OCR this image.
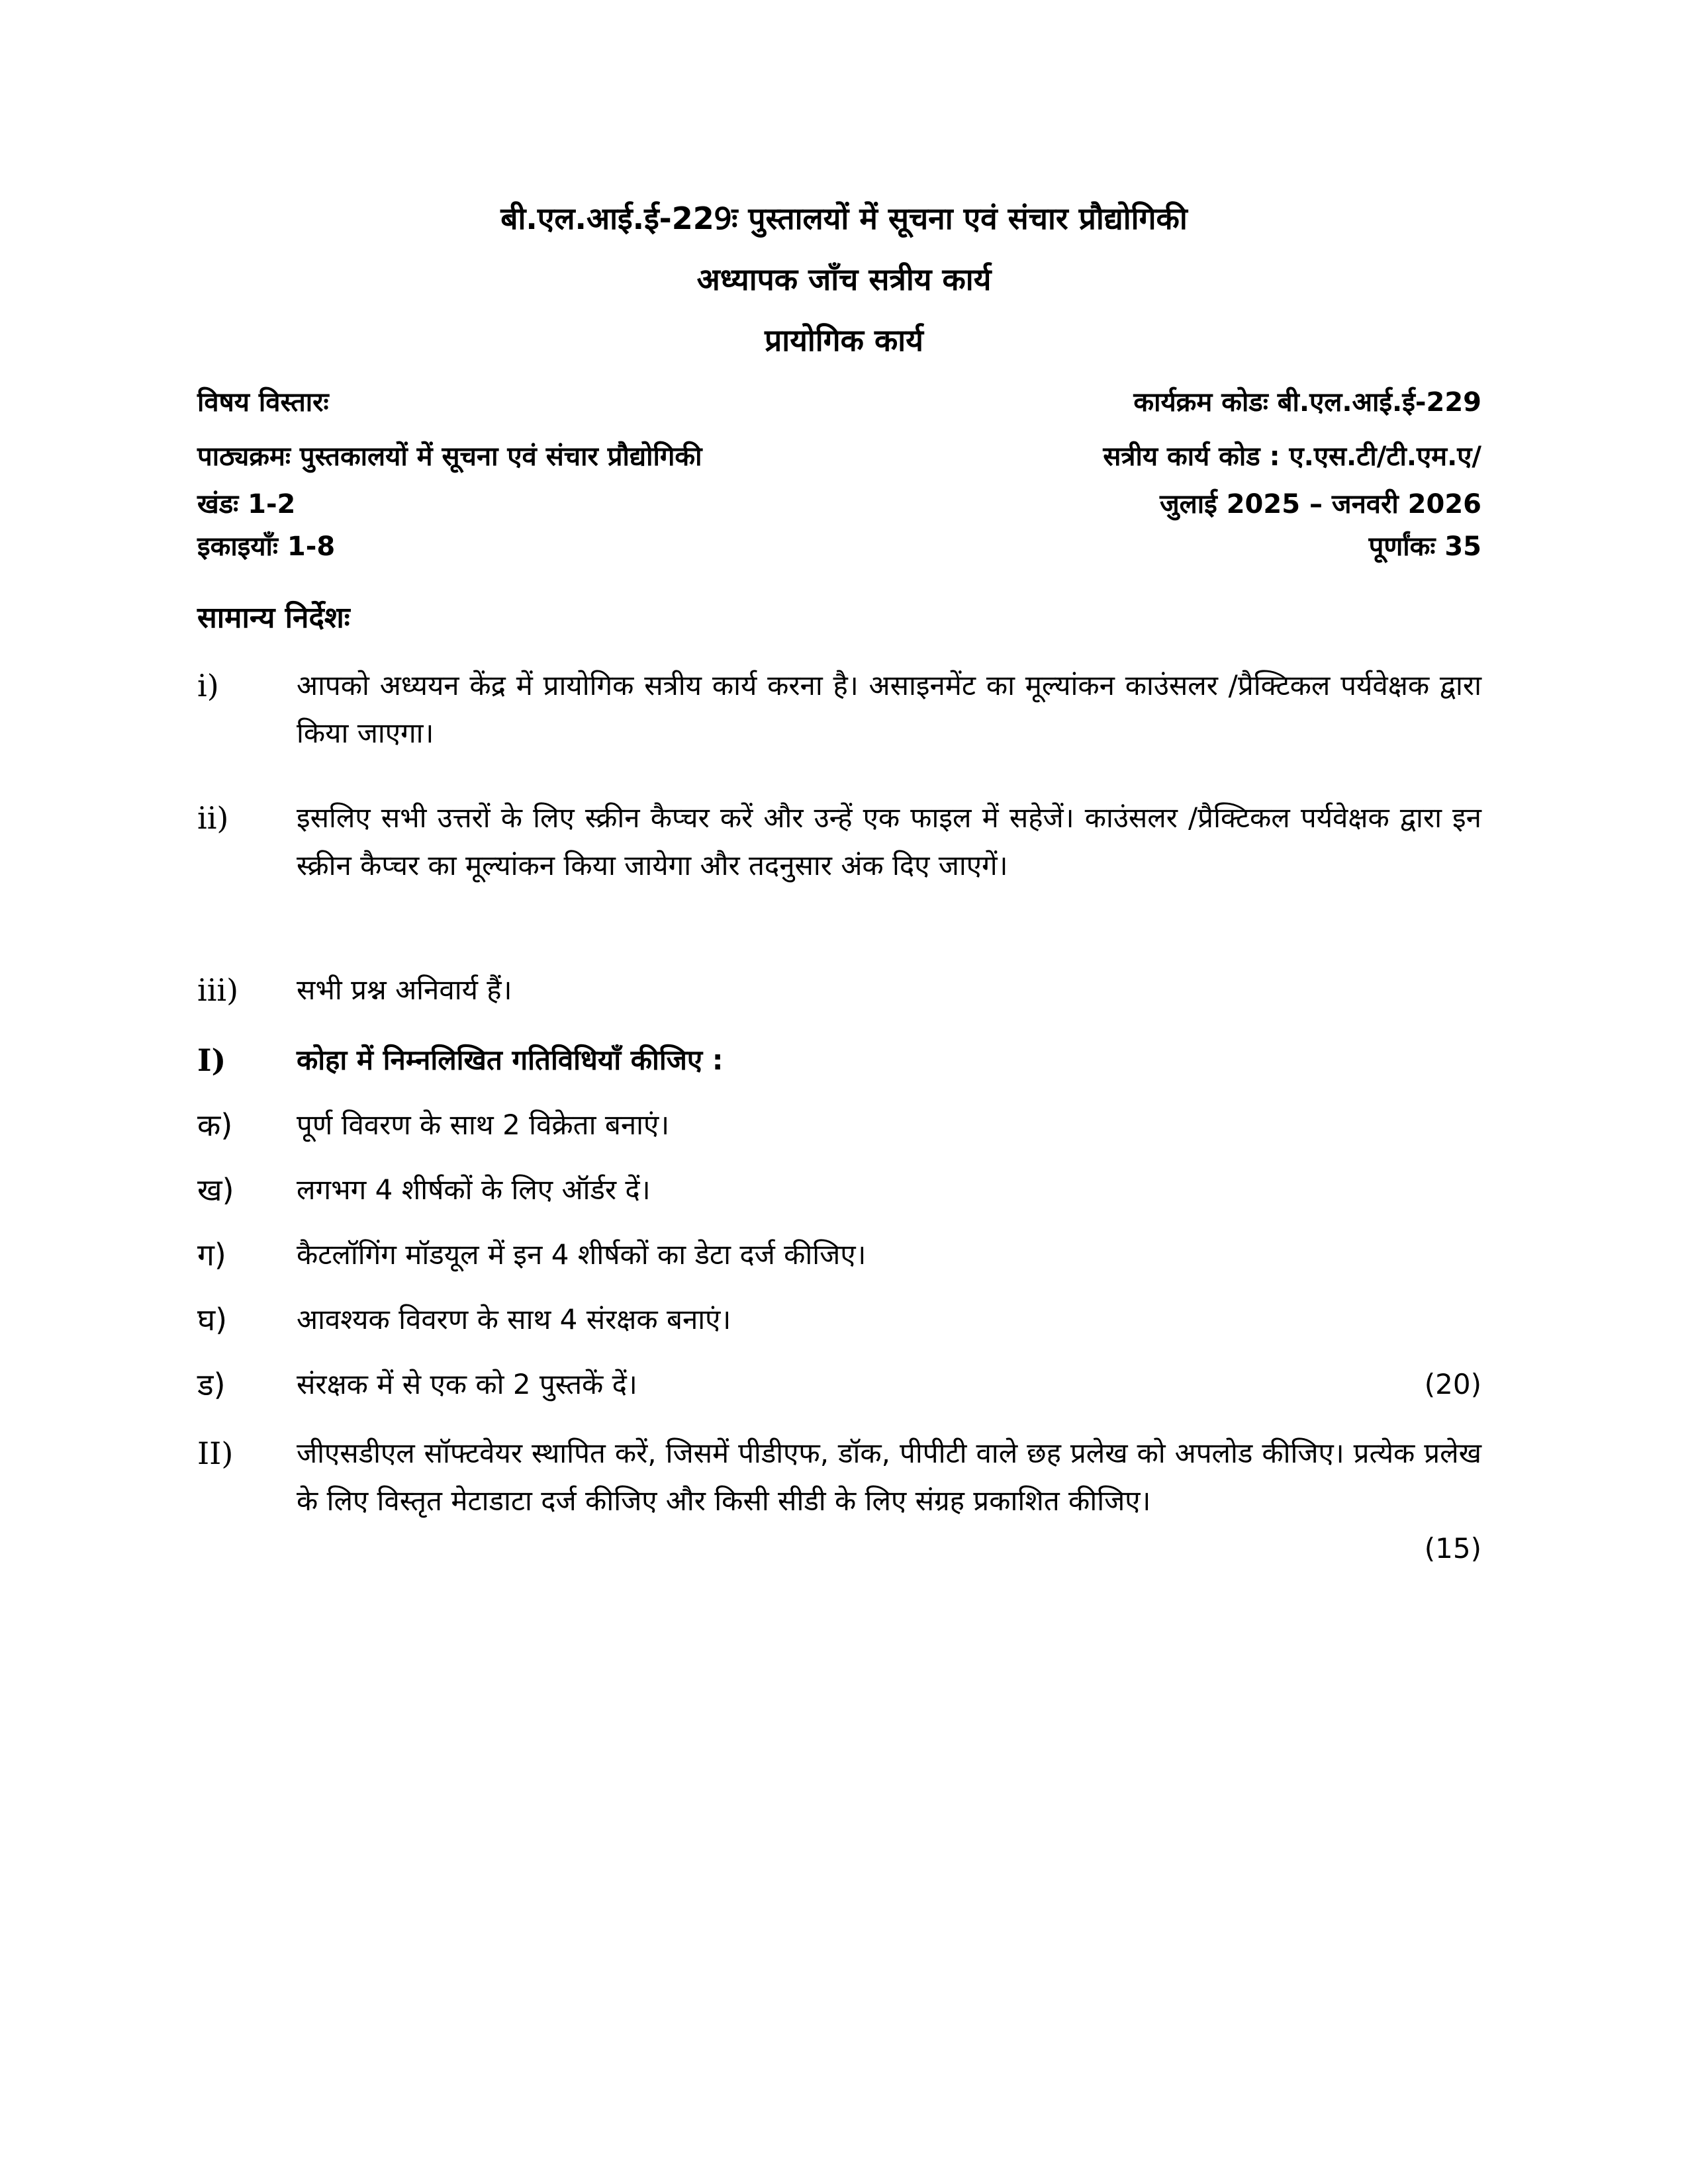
बी.एल.आई.ई-229ः पुस्तालयों में सूचना एवं संचार प्रौद्योगिकी
अध्यापक जाँच सत्रीय कार्य
प्रायोगिक कार्य
विषय विस्तारः	कार्यक्रम कोडः बी.एल.आई.ई-229
पाठ्यक्रमः पुस्तकालयों में सूचना एवं संचार प्रौद्योगिकी	सत्रीय कार्य कोड : ए.एस.टी/टी.एम.ए/
खंडः 1-2	जुलाई 2025 – जनवरी 2026
इकाइयाँः 1-8	पूर्णांकः 35
सामान्य निर्देशः
i)	आपको अध्ययन केंद्र में प्रायोगिक सत्रीय कार्य करना है। असाइनमेंट का मूल्यांकन काउंसलर /प्रैक्टिकल पर्यवेक्षक द्वारा किया जाएगा।
ii) इसलिए सभी उत्तरों के लिए स्क्रीन कैप्चर करें और उन्हें एक फाइल में सहेजें। काउंसलर /प्रैक्टिकल पर्यवेक्षक द्वारा इन स्क्रीन कैप्चर का मूल्यांकन किया जायेगा और तदनुसार अंक दिए जाएगें।
iii) सभी प्रश्न अनिवार्य हैं।
I)	कोहा में निम्नलिखित गतिविधियाँ कीजिए :
क) पूर्ण विवरण के साथ 2 विक्रेता बनाएं।
ख) लगभग 4 शीर्षकों के लिए ऑर्डर दें।
ग)	कैटलॉगिंग मॉडयूल में इन 4 शीर्षकों का डेटा दर्ज कीजिए।
घ) आवश्यक विवरण के साथ 4 संरक्षक बनाएं।
ड)	संरक्षक में से एक को 2 पुस्तकें दें।	(20)
II) जीएसडीएल सॉफ्टवेयर स्थापित करें, जिसमें पीडीएफ, डॉक, पीपीटी वाले छह प्रलेख को अपलोड कीजिए। प्रत्येक प्रलेख के लिए विस्तृत मेटाडाटा दर्ज कीजिए और किसी सीडी के लिए संग्रह प्रकाशित कीजिए।
(15)
